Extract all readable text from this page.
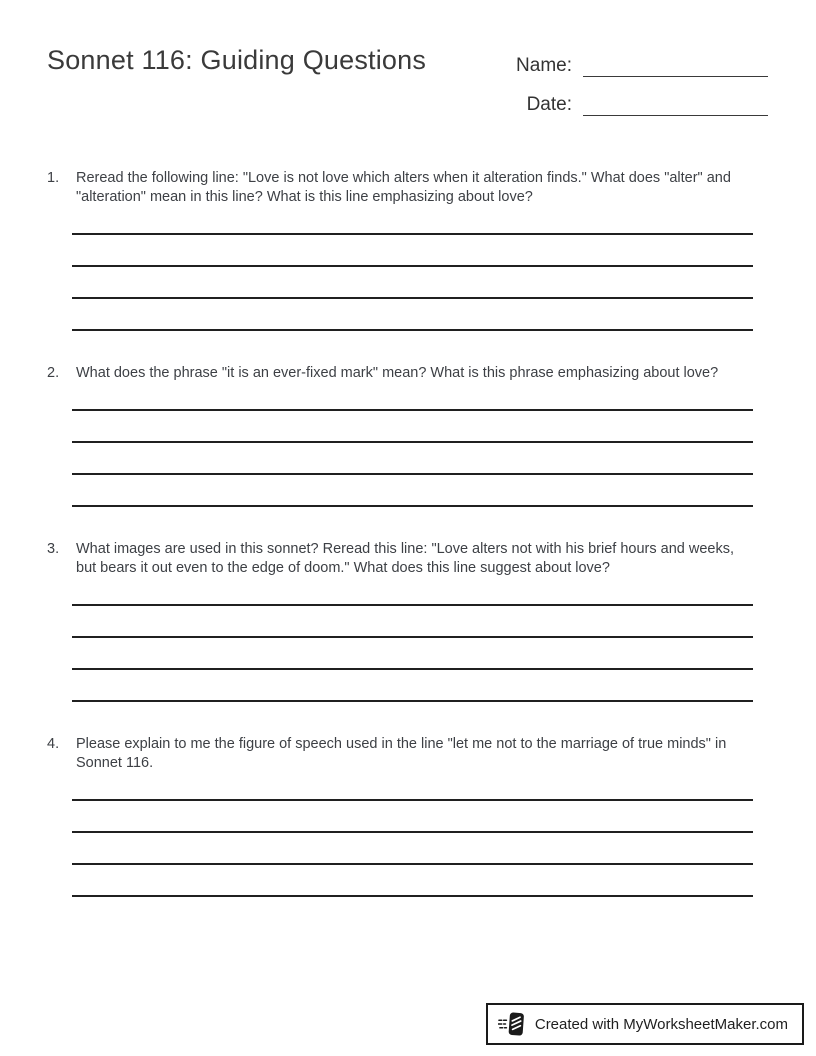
Sonnet 116: Guiding Questions	Name:
Date:
1.	Reread the following line: "Love is not love which alters when it alteration finds." What does "alter" and "alteration" mean in this line? What is this line emphasizing about love?
2.	What does the phrase "it is an ever-fixed mark" mean? What is this phrase emphasizing about love?
3.	What images are used in this sonnet? Reread this line: "Love alters not with his brief hours and weeks, but bears it out even to the edge of doom." What does this line suggest about love?
4.	Please explain to me the figure of speech used in the line "let me not to the marriage of true minds" in Sonnet 116.
Created with MyWorksheetMaker.com
